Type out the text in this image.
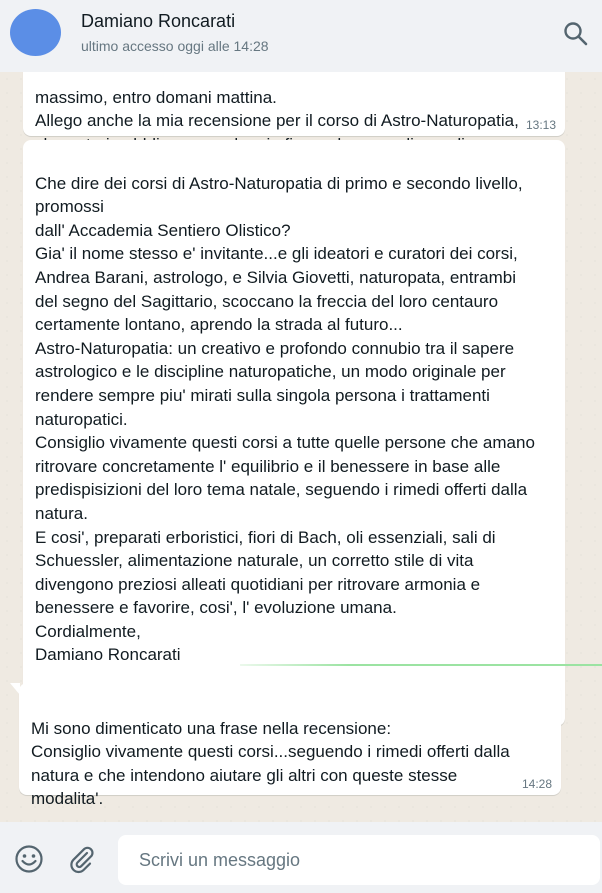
Damiano Roncarati
ultimo accesso oggi alle 14:28

massimo, entro domani mattina.
Allego anche la mia recensione per il corso di Astro-Naturopatia, 13:13

Che dire dei corsi di Astro-Naturopatia di primo e secondo livello,
promossi
dall' Accademia Sentiero Olistico?
Gia' il nome stesso e' invitante...e gli ideatori e curatori dei corsi,
Andrea Barani, astrologo, e Silvia Giovetti, naturopata, entrambi
del segno del Sagittario, scoccano la freccia del loro centauro
certamente lontano, aprendo la strada al futuro...
Astro-Naturopatia: un creativo e profondo connubio tra il sapere
astrologico e le discipline naturopatiche, un modo originale per
rendere sempre piu' mirati sulla singola persona i trattamenti
naturopatici.
Consiglio vivamente questi corsi a tutte quelle persone che amano
ritrovare concretamente l' equilibrio e il benessere in base alle
predispisizioni del loro tema natale, seguendo i rimedi offerti dalla
natura.
E cosi', preparati erboristici, fiori di Bach, oli essenziali, sali di
Schuessler, alimentazione naturale, un corretto stile di vita
divengono preziosi alleati quotidiani per ritrovare armonia e
benessere e favorire, cosi', l' evoluzione umana.
Cordialmente,
Damiano Roncarati

Mi sono dimenticato una frase nella recensione:
Consiglio vivamente questi corsi...seguendo i rimedi offerti dalla
natura e che intendono aiutare gli altri con queste stesse
modalita'.

14:28

Scrivi un messaggio
